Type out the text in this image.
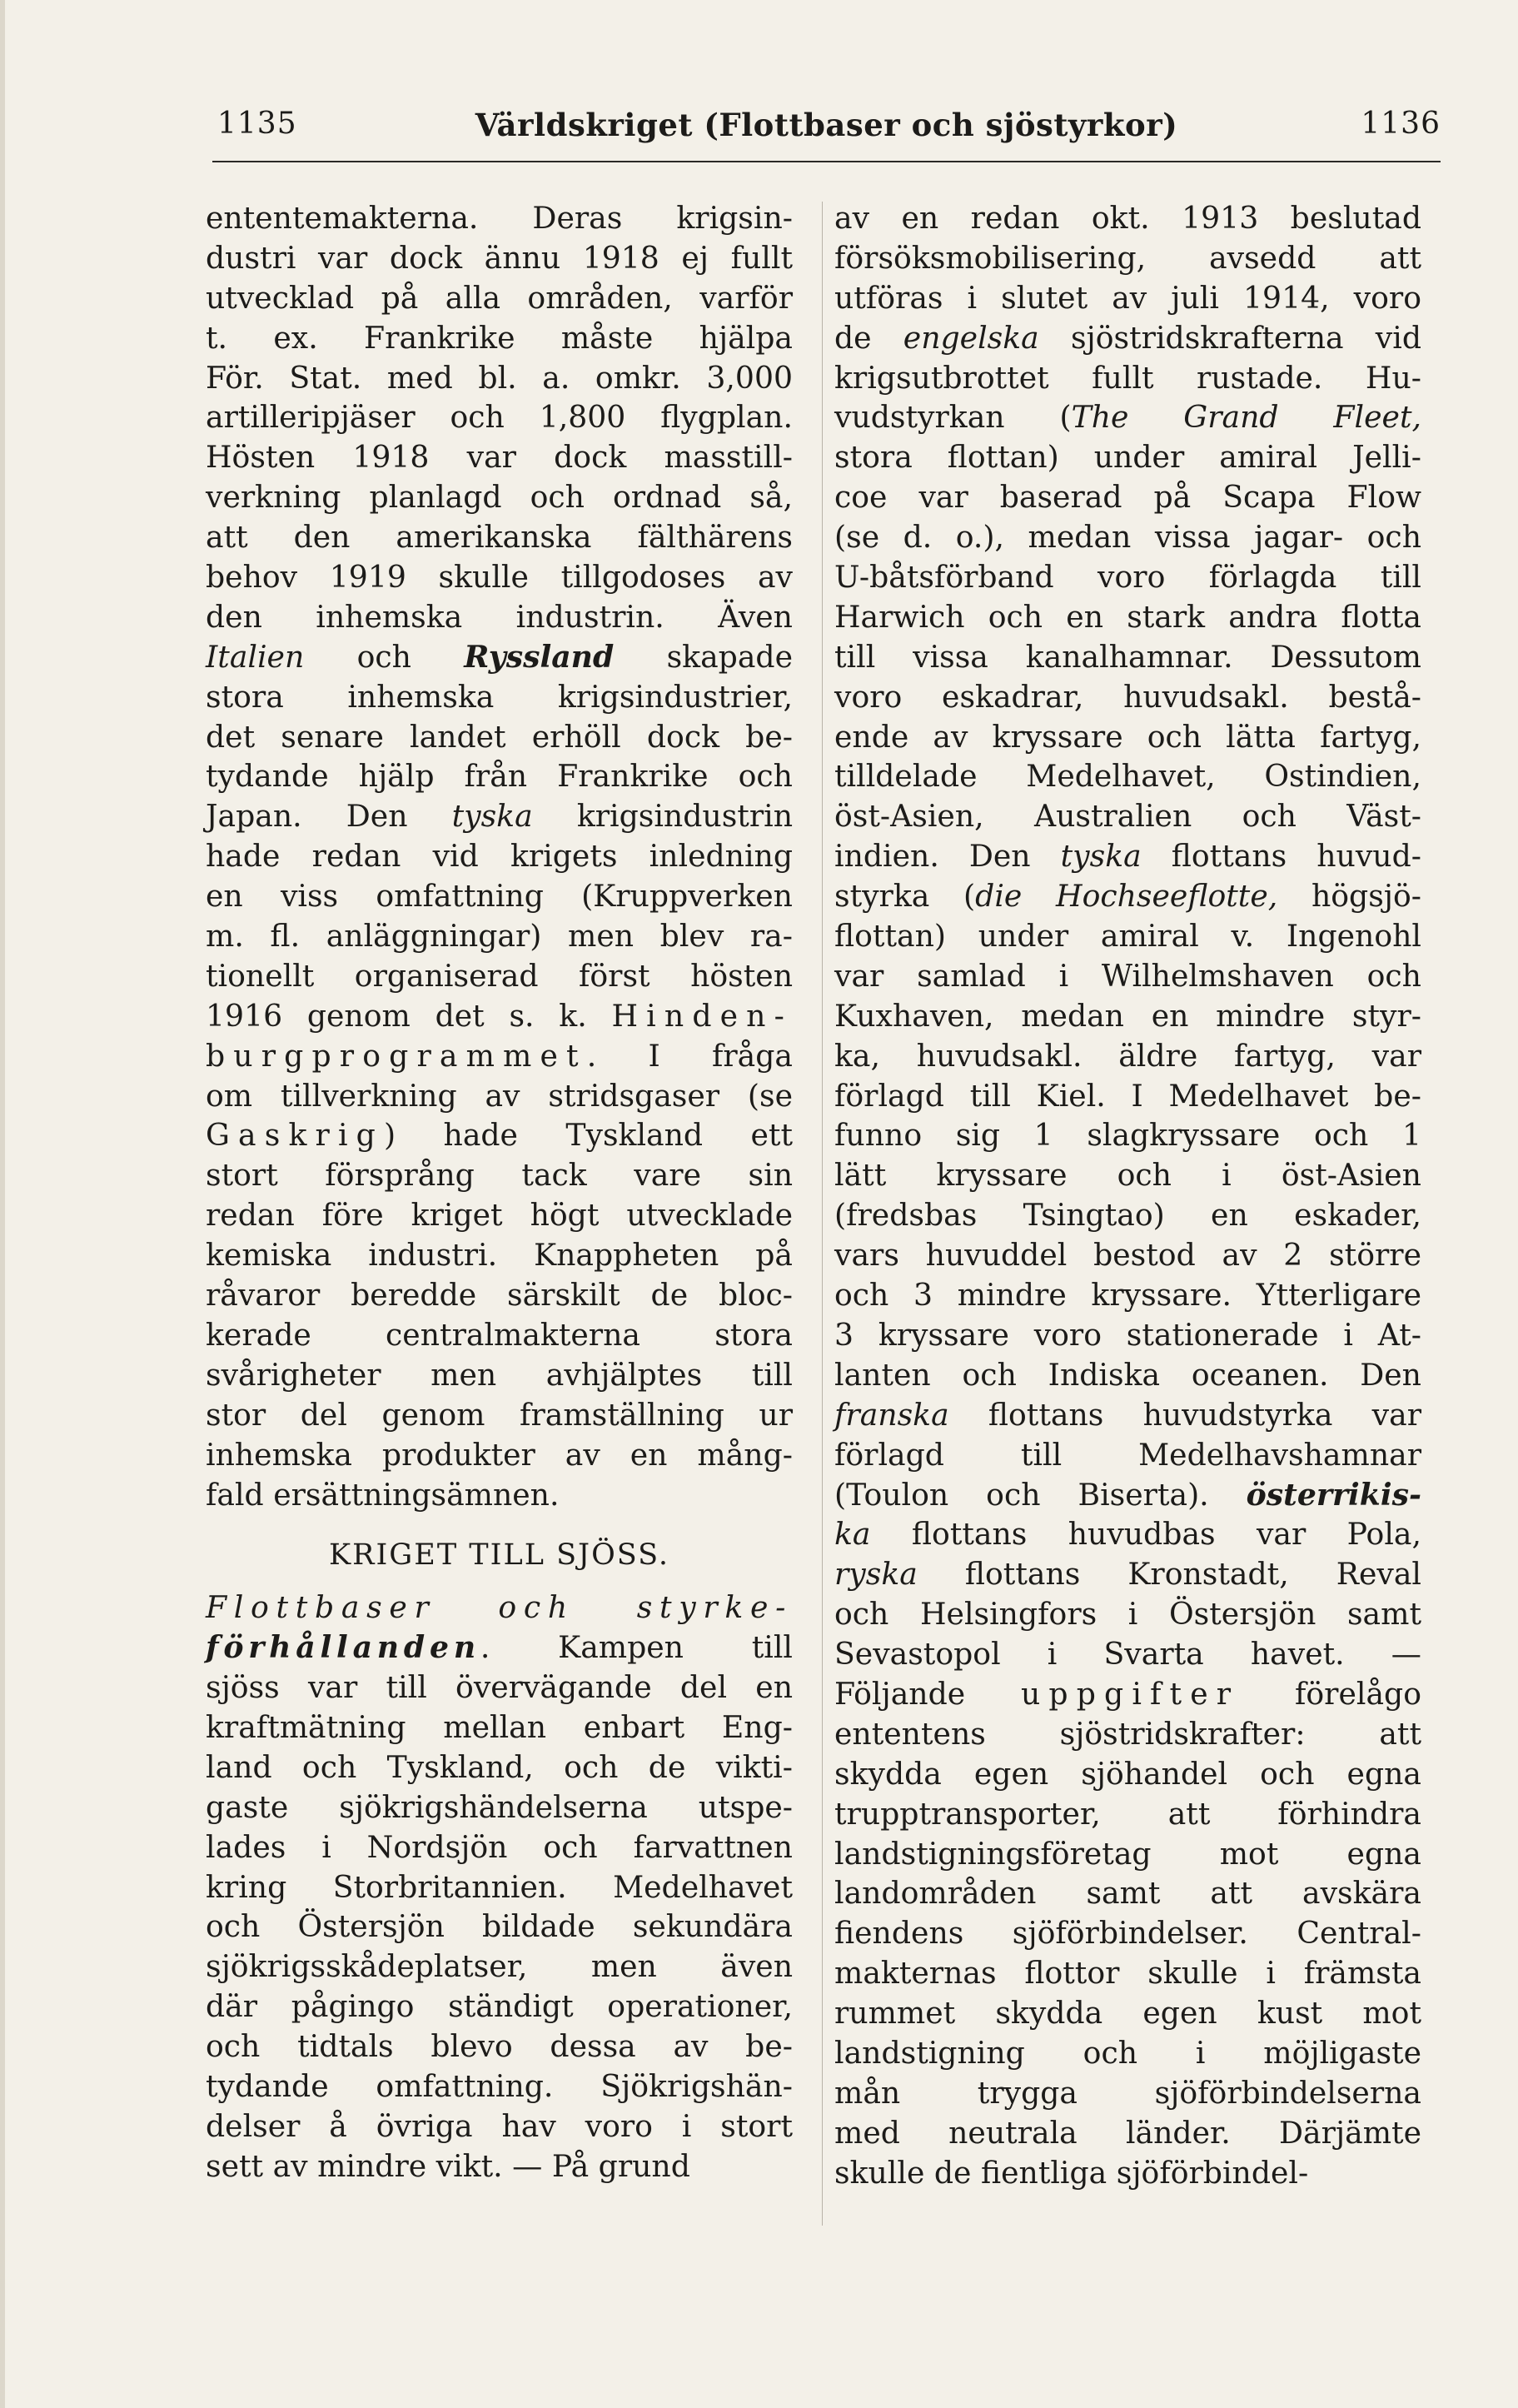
1135	Världskriget (Flottbaser och sjöstyrkor)	1136
ententemakterna. Deras krigsin-
dustri var dock ännu 1918 ej fullt
utvecklad på alla områden, varför
t. ex. Frankrike måste hjälpa
För. Stat. med bl. a. omkr. 3,000
artilleripjäser och 1,800 flygplan.
Hösten 1918 var dock masstill-
verkning planlagd och ordnad så,
att den amerikanska fälthärens
behov 1919 skulle tillgodoses av
den inhemska industrin. Även
Italien och Ryssland skapade
stora inhemska krigsindustrier,
det senare landet erhöll dock be-
tydande hjälp från Frankrike och
Japan. Den tyska krigsindustrin
hade redan vid krigets inledning
en viss omfattning (Kruppverken
m. fl. anläggningar) men blev ra-
tionellt organiserad först hösten
1916 genom det s. k. Hinden-
burgprogrammet. I fråga
om tillverkning av stridsgaser (se
Gaskrig) hade Tyskland ett
stort försprång tack vare sin
redan före kriget högt utvecklade
kemiska industri. Knappheten på
råvaror beredde särskilt de bloc-
kerade centralmakterna stora
svårigheter men avhjälptes till
stor del genom framställning ur
inhemska produkter av en mång-
fald ersättningsämnen.
KRIGET TILL SJÖSS.
Flottbaser och styrke-
förhållanden. Kampen till
sjöss var till övervägande del en
kraftmätning mellan enbart Eng-
land och Tyskland, och de vikti-
gaste sjökrigshändelserna utspe-
lades i Nordsjön och farvattnen
kring Storbritannien. Medelhavet
och Östersjön bildade sekundära
sjökrigsskådeplatser, men även
där pågingo ständigt operationer,
och tidtals blevo dessa av be-
tydande omfattning. Sjökrigshän-
delser å övriga hav voro i stort
sett av mindre vikt. — På grund
av en redan okt. 1913 beslutad
försöksmobilisering, avsedd att
utföras i slutet av juli 1914, voro
de engelska sjöstridskrafterna vid
krigsutbrottet fullt rustade. Hu-
vudstyrkan (The Grand Fleet,
stora flottan) under amiral Jelli-
coe var baserad på Scapa Flow
(se d. o.), medan vissa jagar- och
U-båtsförband voro förlagda till
Harwich och en stark andra flotta
till vissa kanalhamnar. Dessutom
voro eskadrar, huvudsakl. bestå-
ende av kryssare och lätta fartyg,
tilldelade Medelhavet, Ostindien,
öst-Asien, Australien och Väst-
indien. Den tyska flottans huvud-
styrka (die Hochseeflotte, högsjö-
flottan) under amiral v. Ingenohl
var samlad i Wilhelmshaven och
Kuxhaven, medan en mindre styr-
ka, huvudsakl. äldre fartyg, var
förlagd till Kiel. I Medelhavet be-
funno sig 1 slagkryssare och 1
lätt kryssare och i öst-Asien
(fredsbas Tsingtao) en eskader,
vars huvuddel bestod av 2 större
och 3 mindre kryssare. Ytterligare
3 kryssare voro stationerade i At-
lanten och Indiska oceanen. Den
franska flottans huvudstyrka var
förlagd till Medelhavshamnar
(Toulon och Biserta). österrikis-
ka flottans huvudbas var Pola,
ryska flottans Kronstadt, Reval
och Helsingfors i Östersjön samt
Sevastopol i Svarta havet. —
Följande uppgifter förelågo
ententens sjöstridskrafter: att
skydda egen sjöhandel och egna
trupptransporter, att förhindra
landstigningsföretag mot egna
landområden samt att avskära
fiendens sjöförbindelser. Central-
makternas flottor skulle i främsta
rummet skydda egen kust mot
landstigning och i möjligaste
mån trygga sjöförbindelserna
med neutrala länder. Därjämte
skulle de fientliga sjöförbindel-
